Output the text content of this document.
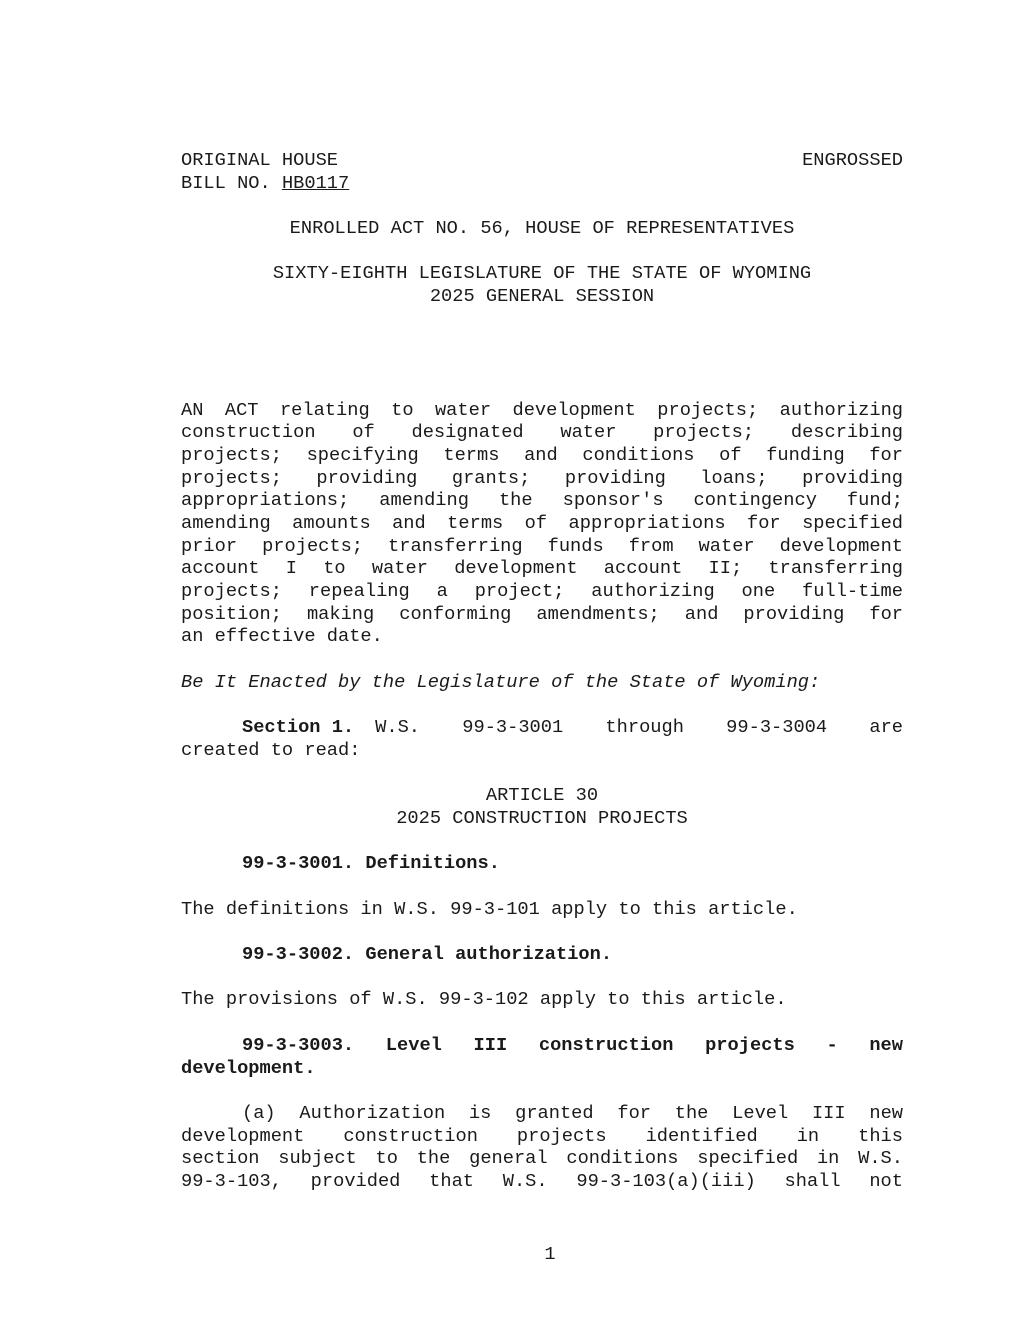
ORIGINAL HOUSE	ENGROSSED
BILL NO. HB0117
ENROLLED ACT NO. 56, HOUSE OF REPRESENTATIVES
SIXTY-EIGHTH LEGISLATURE OF THE STATE OF WYOMING
2025 GENERAL SESSION
AN ACT relating to water development projects; authorizing
construction of designated water projects; describing
projects; specifying terms and conditions of funding for
projects; providing grants; providing loans; providing
appropriations; amending the sponsor's contingency fund;
amending amounts and terms of appropriations for specified
prior projects; transferring funds from water development
account I to water development account II; transferring
projects; repealing a project; authorizing one full-time
position; making conforming amendments; and providing for
an effective date.
Be It Enacted by the Legislature of the State of Wyoming:
Section 1.	W.S. 99-3-3001 through 99-3-3004 are
created to read:
ARTICLE 30
2025 CONSTRUCTION PROJECTS
99-3-3001. Definitions.
The definitions in W.S. 99-3-101 apply to this article.
99-3-3002. General authorization.
The provisions of W.S. 99-3-102 apply to this article.
99-3-3003. Level III construction projects - new
development.
(a) Authorization is granted for the Level III new
development construction projects identified in this
section subject to the general conditions specified in W.S.
99-3-103, provided that W.S. 99-3-103(a)(iii) shall not
1
